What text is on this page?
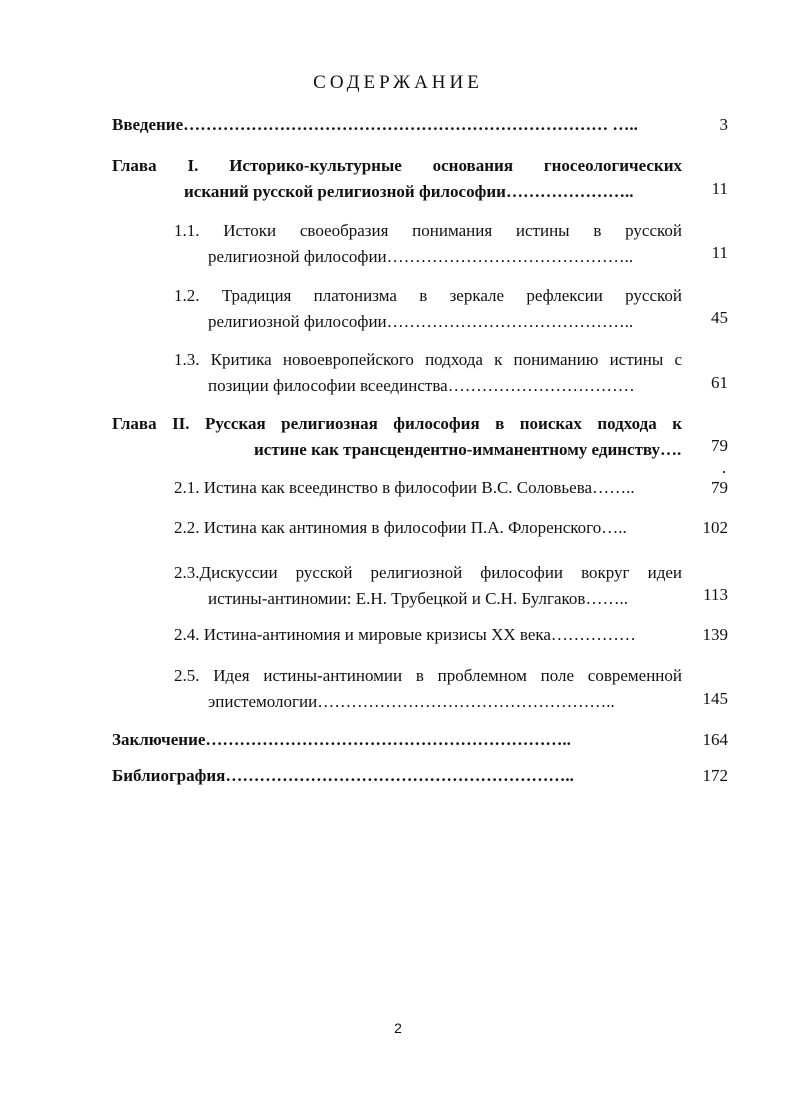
СОДЕРЖАНИЕ
Введение………………………………………………………………… …..	3
Глава I. Историко-культурные основания гносеологических
исканий русской религиозной философии…………………..	11
1.1. Истоки своеобразия понимания истины в русской
религиозной философии……………………………………..	11
1.2. Традиция платонизма в зеркале рефлексии русской
религиозной философии……………………………………..	45
1.3. Критика новоевропейского подхода к пониманию истины с
позиции философии всеединства……………………………	61
Глава II. Русская религиозная философия в поисках подхода к
истине как трансцендентно-имманентному единству….	79
.
2.1. Истина как всеединство в философии В.С. Соловьева……..	79
2.2. Истина как антиномия в философии П.А. Флоренского…..	102
2.3.Дискуссии русской религиозной философии вокруг идеи
истины-антиномии: Е.Н. Трубецкой и С.Н. Булгаков……..	113
2.4. Истина-антиномия и мировые кризисы XX века……………	139
2.5. Идея истины-антиномии в проблемном поле современной
эпистемологии……………………………………………..	145
Заключение………………………………………………………..	164
Библиография……………………………………………………..	172
2
